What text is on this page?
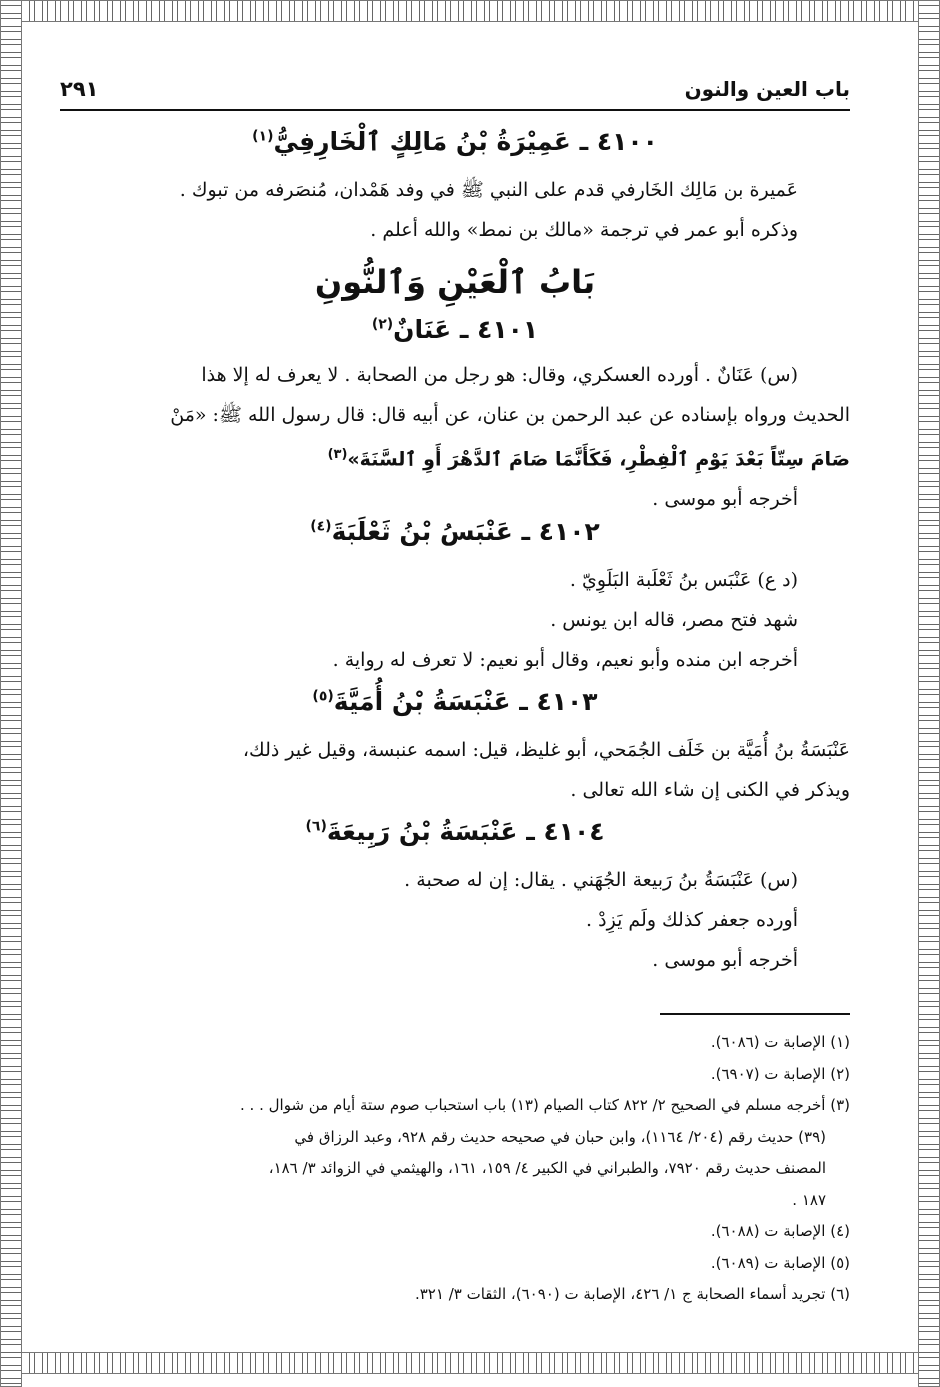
باب العين والنون
٢٩١

٤١٠٠ ـ عَمِيْرَةُ بْنُ مَالِكٍ ٱلْخَارِفِيُّ$^{(١)}$

عَميرة بن مَالِك الخَارفي قدم على النبي ﷺ في وفد هَمْدان، مُنصَرفه من تبوك .

وذكره أبو عمر في ترجمة «مالك بن نمط» والله أعلم .

بَابُ ٱلْعَيْنِ وَٱلنُّونِ

٤١٠١ ـ عَنَانٌ$^{(٢)}$

(س) عَنَانٌ . أورده العسكري، وقال: هو رجل من الصحابة . لا يعرف له إلا هذا

الحديث ورواه بإسناده عن عبد الرحمن بن عنان، عن أبيه قال: قال رسول الله ﷺ: «مَنْ

صَامَ سِتّاً بَعْدَ يَوْمِ ٱلْفِطْرِ، فَكَأَنَّمَا صَامَ ٱلدَّهْرَ أَوِ ٱلسَّنَةَ»$^{(٣)}$

أخرجه أبو موسى .

٤١٠٢ ـ عَنْبَسُ بْنُ ثَعْلَبَةَ$^{(٤)}$

(د ع) عَنْبَس بنُ ثَعْلَبة البَلَوِيّ .

شهد فتح مصر، قاله ابن يونس .

أخرجه ابن منده وأبو نعيم، وقال أبو نعيم: لا تعرف له رواية .

٤١٠٣ ـ عَنْبَسَةُ بْنُ أُمَيَّةَ$^{(٥)}$

عَنْبَسَةُ بنُ أُمَيَّة بن خَلَف الجُمَحي، أبو غليظ، قيل: اسمه عنبسة، وقيل غير ذلك،

ويذكر في الكنى إن شاء الله تعالى .

٤١٠٤ ـ عَنْبَسَةُ بْنُ رَبِيعَةَ$^{(٦)}$

(س) عَنْبَسَةُ بنُ رَبيعة الجُهَني . يقال: إن له صحبة .

أورده جعفر كذلك ولَم يَزِدْ .

أخرجه أبو موسى .

(١) الإصابة ت (٦٠٨٦).

(٢) الإصابة ت (٦٩٠٧).

(٣) أخرجه مسلم في الصحيح ٢/ ٨٢٢ كتاب الصيام (١٣) باب استحباب صوم ستة أيام من شوال . . .

(٣٩) حديث رقم (٢٠٤/ ١١٦٤)، وابن حبان في صحيحه حديث رقم ٩٢٨، وعبد الرزاق في

المصنف حديث رقم ٧٩٢٠، والطبراني في الكبير ٤/ ١٥٩، ١٦١، والهيثمي في الزوائد ٣/ ١٨٦،

١٨٧ .

(٤) الإصابة ت (٦٠٨٨).

(٥) الإصابة ت (٦٠٨٩).

(٦) تجريد أسماء الصحابة ج ١/ ٤٢٦، الإصابة ت (٦٠٩٠)، الثقات ٣/ ٣٢١.
